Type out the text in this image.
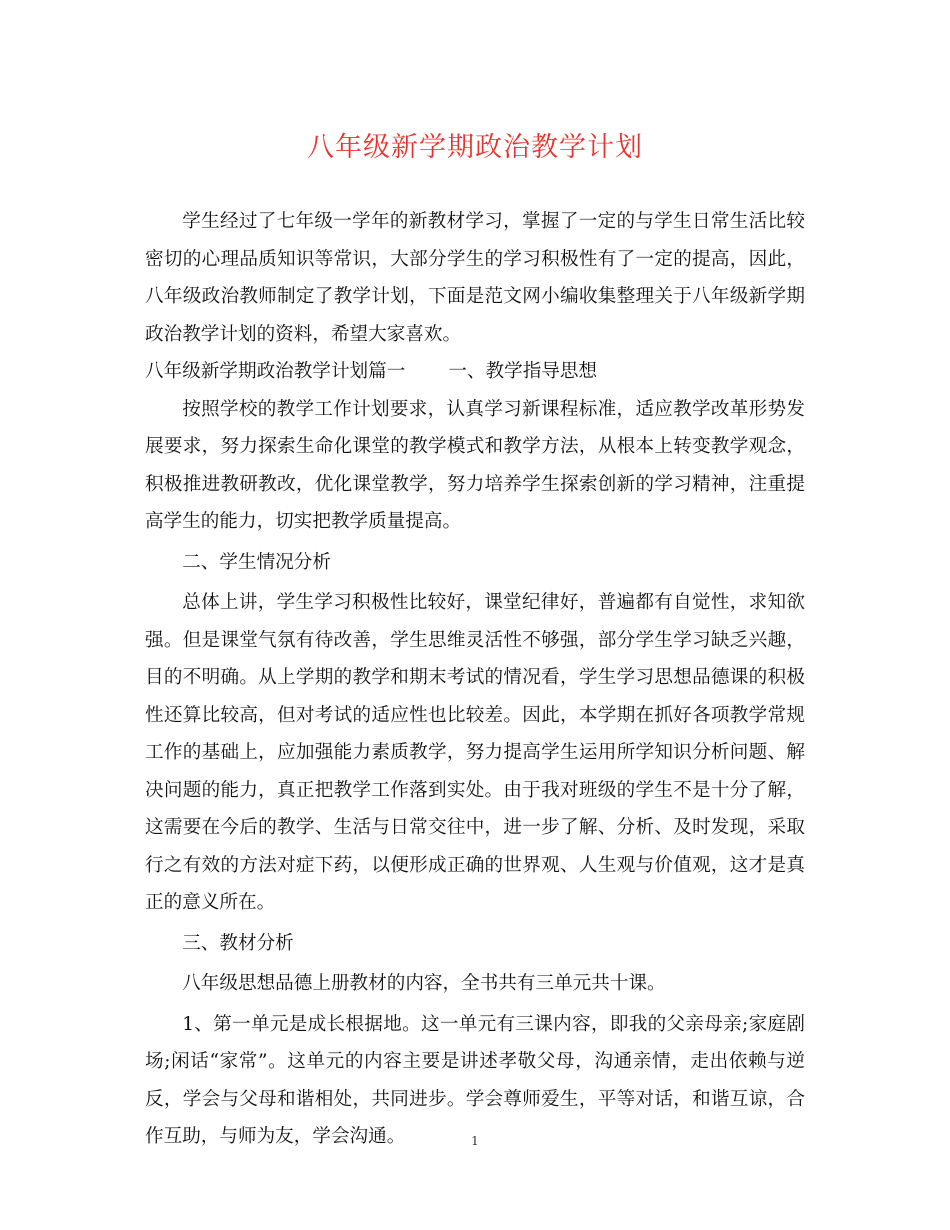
八年级新学期政治教学计划

学生经过了七年级一学年的新教材学习，掌握了一定的与学生日常生活比较密切的心理品质知识等常识，大部分学生的学习积极性有了一定的提高，因此，八年级政治教师制定了教学计划，下面是范文网小编收集整理关于八年级新学期政治教学计划的资料，希望大家喜欢。

八年级新学期政治教学计划篇一 一、教学指导思想

按照学校的教学工作计划要求，认真学习新课程标准，适应教学改革形势发展要求，努力探索生命化课堂的教学模式和教学方法，从根本上转变教学观念，积极推进教研教改，优化课堂教学，努力培养学生探索创新的学习精神，注重提高学生的能力，切实把教学质量提高。

二、学生情况分析

总体上讲，学生学习积极性比较好，课堂纪律好，普遍都有自觉性，求知欲强。但是课堂气氛有待改善，学生思维灵活性不够强，部分学生学习缺乏兴趣，目的不明确。从上学期的教学和期末考试的情况看，学生学习思想品德课的积极性还算比较高，但对考试的适应性也比较差。因此，本学期在抓好各项教学常规工作的基础上，应加强能力素质教学，努力提高学生运用所学知识分析问题、解决问题的能力，真正把教学工作落到实处。由于我对班级的学生不是十分了解，这需要在今后的教学、生活与日常交往中，进一步了解、分析、及时发现，采取行之有效的方法对症下药，以便形成正确的世界观、人生观与价值观，这才是真正的意义所在。

三、教材分析

八年级思想品德上册教材的内容，全书共有三单元共十课。

1、第一单元是成长根据地。这一单元有三课内容，即我的父亲母亲;家庭剧场;闲话“家常”。这单元的内容主要是讲述孝敬父母，沟通亲情，走出依赖与逆反，学会与父母和谐相处，共同进步。学会尊师爱生，平等对话，和谐互谅，合作互助，与师为友，学会沟通。	1
